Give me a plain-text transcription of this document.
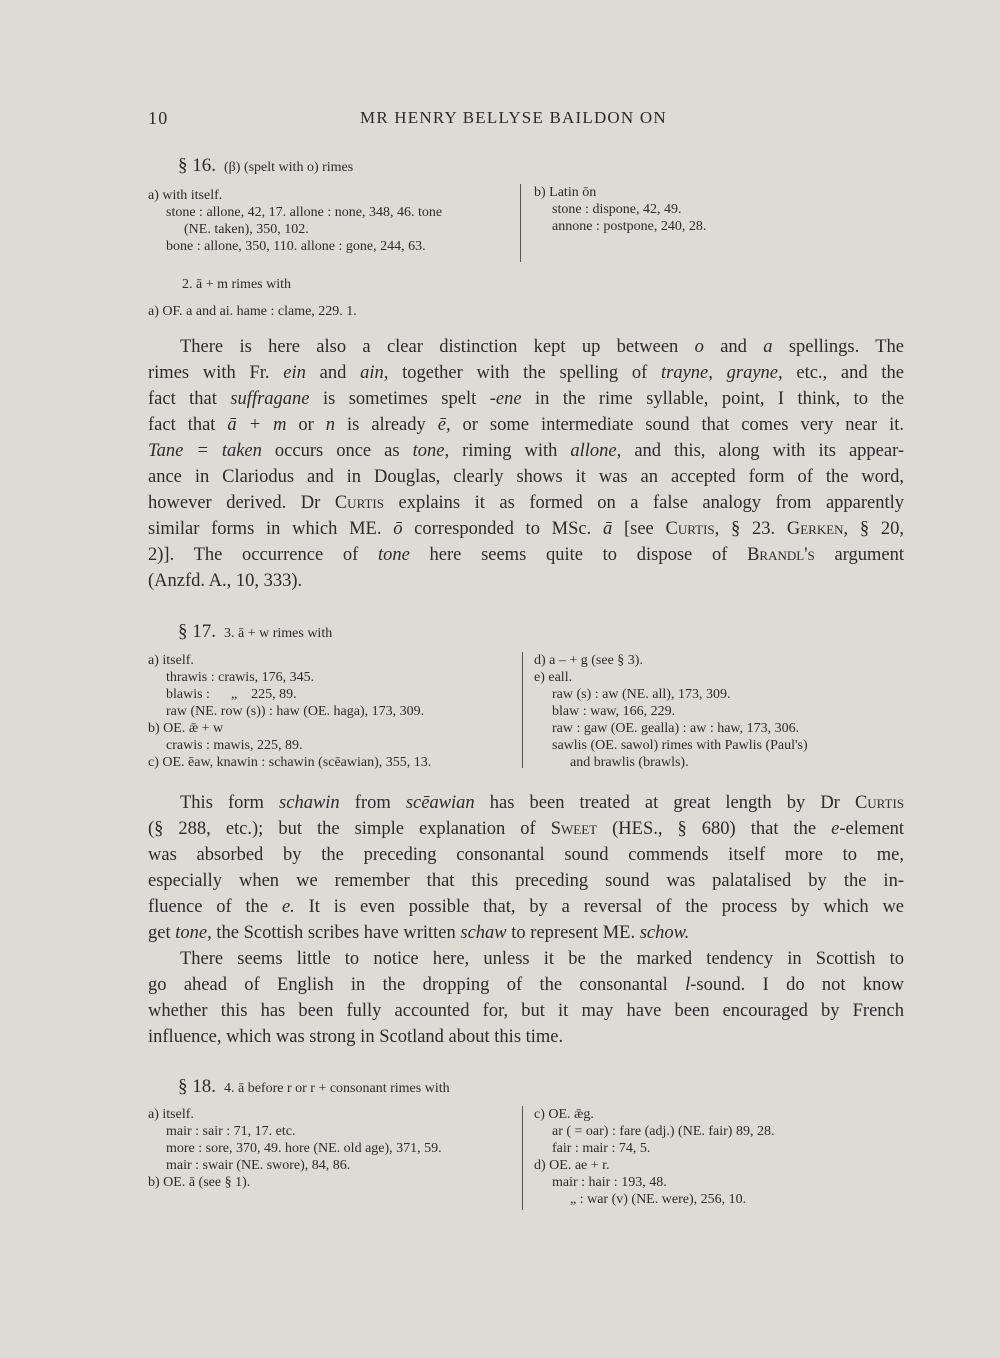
10	MR HENRY BELLYSE BAILDON ON
§ 16. (β) (spelt with o) rimes
a) with itself.
stone : allone, 42, 17. allone : none, 348, 46. tone
(NE. taken), 350, 102.
bone : allone, 350, 110. allone : gone, 244, 63.
b) Latin ōn
stone : dispone, 42, 49.
annone : postpone, 240, 28.
2. ā + m rimes with
a) OF. a and ai. hame : clame, 229. 1.
There is here also a clear distinction kept up between o and a spellings. The
rimes with Fr. ein and ain, together with the spelling of trayne, grayne, etc., and the
fact that suffragane is sometimes spelt -ene in the rime syllable, point, I think, to the
fact that ā + m or n is already ē, or some intermediate sound that comes very near it.
Tane = taken occurs once as tone, riming with allone, and this, along with its appear-
ance in Clariodus and in Douglas, clearly shows it was an accepted form of the word,
however derived. Dr Curtis explains it as formed on a false analogy from apparently
similar forms in which ME. ō corresponded to MSc. ā [see Curtis, § 23. Gerken, § 20,
2)]. The occurrence of tone here seems quite to dispose of Brandl's argument
(Anzfd. A., 10, 333).
§ 17. 3. ā + w rimes with
a) itself.
thrawis : crawis, 176, 345.
blawis :      „    225, 89.
raw (NE. row (s)) : haw (OE. haga), 173, 309.
b) OE. ǣ + w
crawis : mawis, 225, 89.
c) OE. ēaw, knawin : schawin (scēawian), 355, 13.
d) a – + g (see § 3).
e) eall.
raw (s) : aw (NE. all), 173, 309.
blaw : waw, 166, 229.
raw : gaw (OE. gealla) : aw : haw, 173, 306.
sawlis (OE. sawol) rimes with Pawlis (Paul's)
and brawlis (brawls).
This form schawin from scēawian has been treated at great length by Dr Curtis
(§ 288, etc.); but the simple explanation of Sweet (HES., § 680) that the e-element
was absorbed by the preceding consonantal sound commends itself more to me,
especially when we remember that this preceding sound was palatalised by the in-
fluence of the e. It is even possible that, by a reversal of the process by which we
get tone, the Scottish scribes have written schaw to represent ME. schow.
There seems little to notice here, unless it be the marked tendency in Scottish to
go ahead of English in the dropping of the consonantal l-sound. I do not know
whether this has been fully accounted for, but it may have been encouraged by French
influence, which was strong in Scotland about this time.
§ 18. 4. ā before r or r + consonant rimes with
a) itself.
mair : sair : 71, 17. etc.
more : sore, 370, 49. hore (NE. old age), 371, 59.
mair : swair (NE. swore), 84, 86.
b) OE. ā (see § 1).
c) OE. ǣg.
ar ( = oar) : fare (adj.) (NE. fair) 89, 28.
fair : mair : 74, 5.
d) OE. ae + r.
mair : hair : 193, 48.
„ : war (v) (NE. were), 256, 10.
